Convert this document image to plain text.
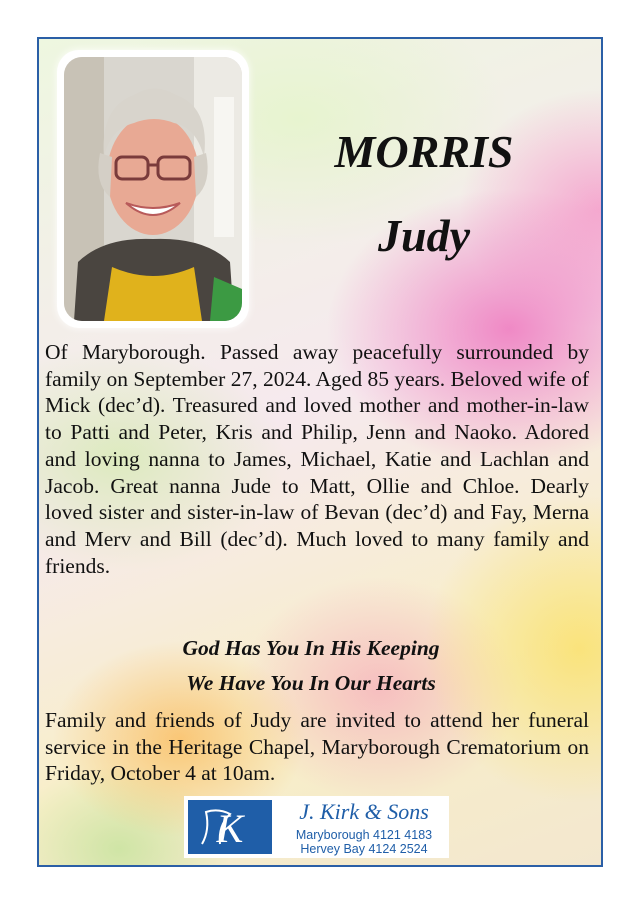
MORRIS
Judy

Of Maryborough. Passed away peacefully surrounded by family on September 27, 2024. Aged 85 years. Beloved wife of Mick (dec’d). Treasured and loved mother and mother-in-law to Patti and Peter, Kris and Philip, Jenn and Naoko. Adored and loving nanna to James, Michael, Katie and Lachlan and Jacob. Great nanna Jude to Matt, Ollie and Chloe. Dearly loved sister and sister-in-law of Bevan (dec’d) and Fay, Merna and Merv and Bill (dec’d). Much loved to many family and friends.

God Has You In His Keeping
We Have You In Our Hearts

Family and friends of Judy are invited to attend her funeral service in the Heritage Chapel, Maryborough Crematorium on Friday, October 4 at 10am.

K	J. Kirk & Sons
Maryborough 4121 4183
Hervey Bay 4124 2524
